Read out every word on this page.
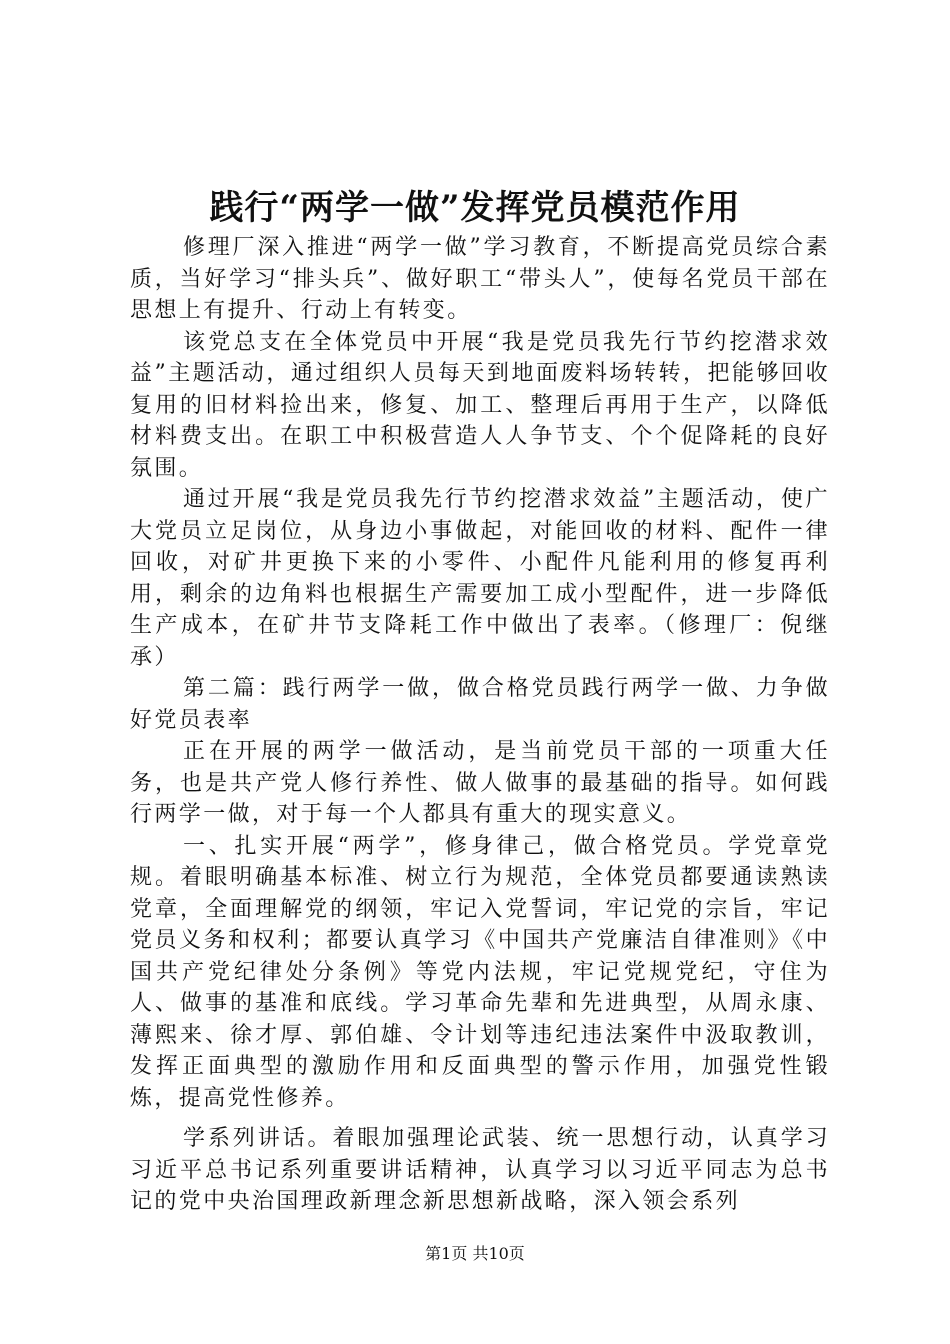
践行“两学一做”发挥党员模范作用

修理厂深入推进“两学一做”学习教育，不断提高党员综合素质，当好学习“排头兵”、做好职工“带头人”，使每名党员干部在思想上有提升、行动上有转变。

该党总支在全体党员中开展“我是党员我先行节约挖潜求效益”主题活动，通过组织人员每天到地面废料场转转，把能够回收复用的旧材料捡出来，修复、加工、整理后再用于生产，以降低材料费支出。在职工中积极营造人人争节支、个个促降耗的良好氛围。

通过开展“我是党员我先行节约挖潜求效益”主题活动，使广大党员立足岗位，从身边小事做起，对能回收的材料、配件一律回收，对矿井更换下来的小零件、小配件凡能利用的修复再利用，剩余的边角料也根据生产需要加工成小型配件，进一步降低生产成本，在矿井节支降耗工作中做出了表率。（修理厂：倪继承）

第二篇：践行两学一做，做合格党员践行两学一做、力争做好党员表率

正在开展的两学一做活动，是当前党员干部的一项重大任务，也是共产党人修行养性、做人做事的最基础的指导。如何践行两学一做，对于每一个人都具有重大的现实意义。

一、扎实开展“两学”，修身律己，做合格党员。学党章党规。着眼明确基本标准、树立行为规范，全体党员都要通读熟读党章，全面理解党的纲领，牢记入党誓词，牢记党的宗旨，牢记党员义务和权利；都要认真学习《中国共产党廉洁自律准则》《中国共产党纪律处分条例》等党内法规，牢记党规党纪，守住为人、做事的基准和底线。学习革命先辈和先进典型，从周永康、薄熙来、徐才厚、郭伯雄、令计划等违纪违法案件中汲取教训，发挥正面典型的激励作用和反面典型的警示作用，加强党性锻炼，提高党性修养。

学系列讲话。着眼加强理论武装、统一思想行动，认真学习习近平总书记系列重要讲话精神，认真学习以习近平同志为总书记的党中央治国理政新理念新思想新战略，深入领会系列

第1页 共10页
